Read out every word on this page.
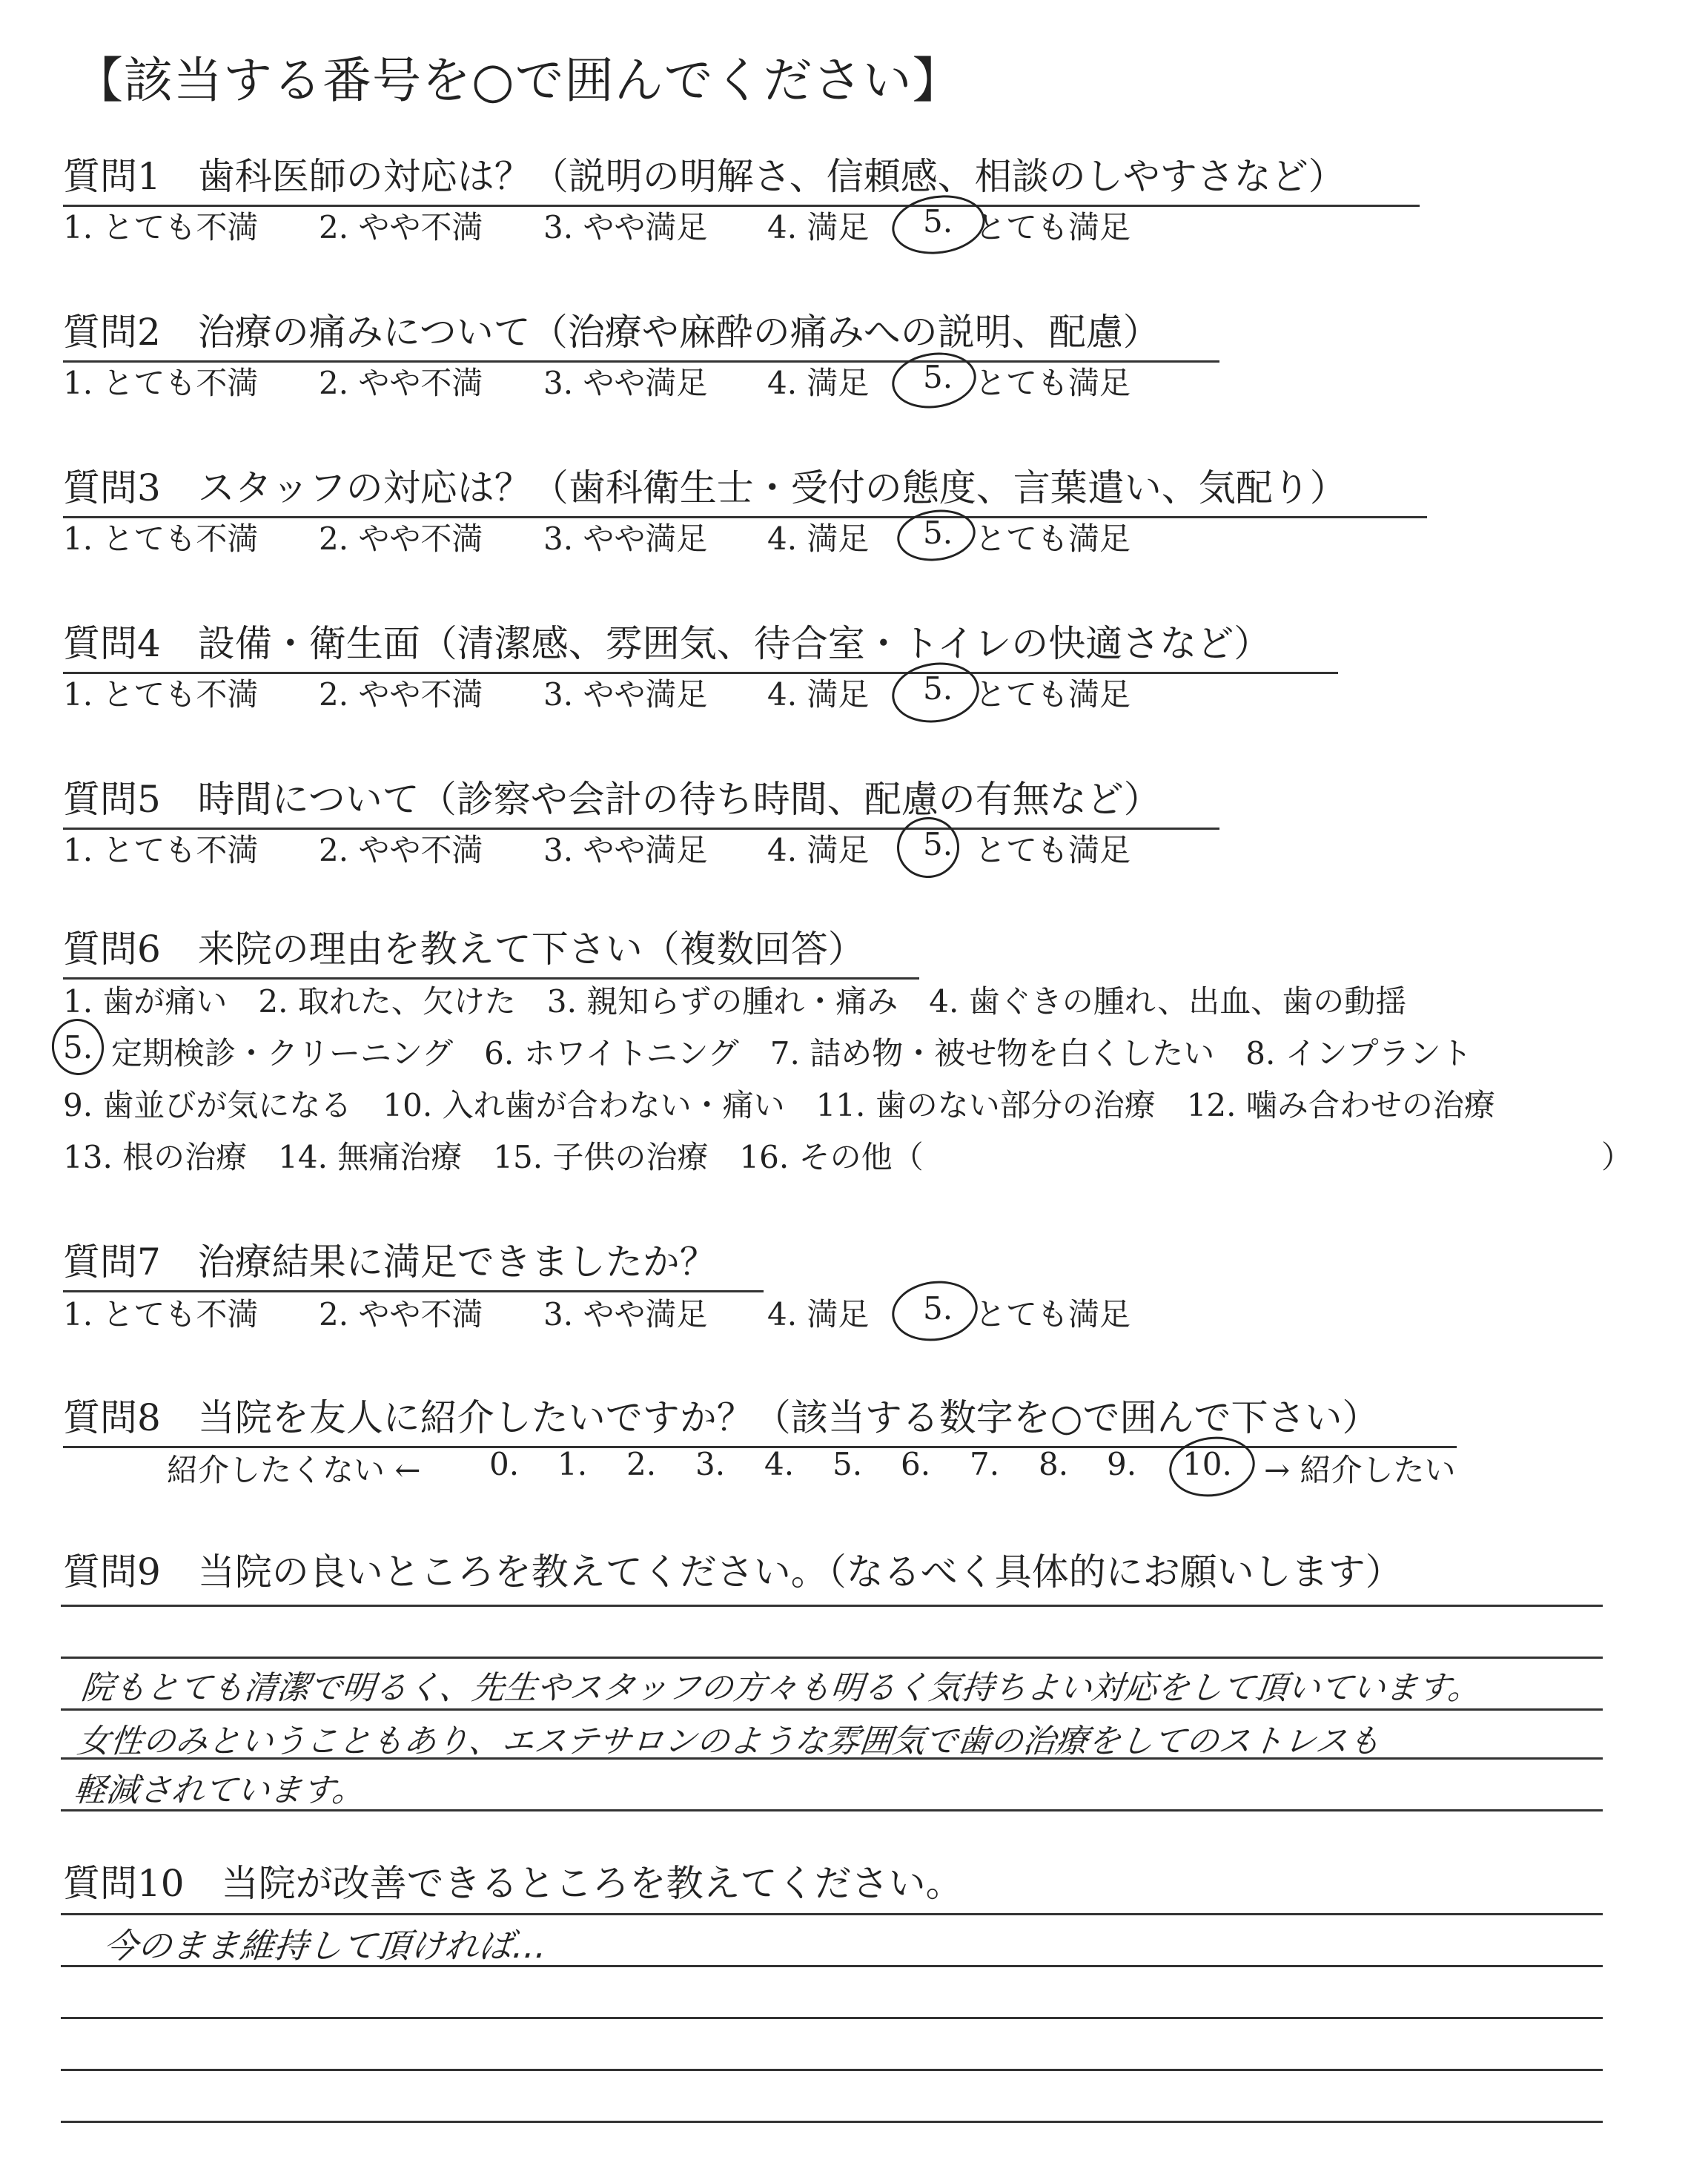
【該当する番号を○で囲んでください】
質問1　歯科医師の対応は？（説明の明解さ、信頼感、相談のしやすさなど）
1. とても不満 2. やや不満 3. やや満足 4. 満足 5. とても満足
質問2　治療の痛みについて（治療や麻酔の痛みへの説明、配慮）
1. とても不満 2. やや不満 3. やや満足 4. 満足 5. とても満足
質問3　スタッフの対応は？（歯科衛生士・受付の態度、言葉遣い、気配り）
1. とても不満 2. やや不満 3. やや満足 4. 満足 5. とても満足
質問4　設備・衛生面（清潔感、雰囲気、待合室・トイレの快適さなど）
1. とても不満 2. やや不満 3. やや満足 4. 満足 5. とても満足
質問5　時間について（診察や会計の待ち時間、配慮の有無など）
1. とても不満 2. やや不満 3. やや満足 4. 満足 5. とても満足
質問6　来院の理由を教えて下さい（複数回答）
1. 歯が痛い　2. 取れた、欠けた　3. 親知らずの腫れ・痛み　4. 歯ぐきの腫れ、出血、歯の動揺
5. 定期検診・クリーニング　6. ホワイトニング　7. 詰め物・被せ物を白くしたい　8. インプラント
9. 歯並びが気になる　10. 入れ歯が合わない・痛い　11. 歯のない部分の治療　12. 噛み合わせの治療
13. 根の治療　14. 無痛治療　15. 子供の治療　16. その他（	）
質問7　治療結果に満足できましたか？
1. とても不満 2. やや不満 3. やや満足 4. 満足 5. とても満足
質問8　当院を友人に紹介したいですか？（該当する数字を○で囲んで下さい）
紹介したくない ← 0. 1. 2. 3. 4. 5. 6. 7. 8. 9. 10. → 紹介したい
質問9　当院の良いところを教えてください。（なるべく具体的にお願いします）
院もとても清潔で明るく、先生やスタッフの方々も明るく気持ちよい対応をして頂いています。
女性のみということもあり、エステサロンのような雰囲気で歯の治療をしてのストレスも
軽減されています。
質問10　当院が改善できるところを教えてください。
今のまま維持して頂ければ…
